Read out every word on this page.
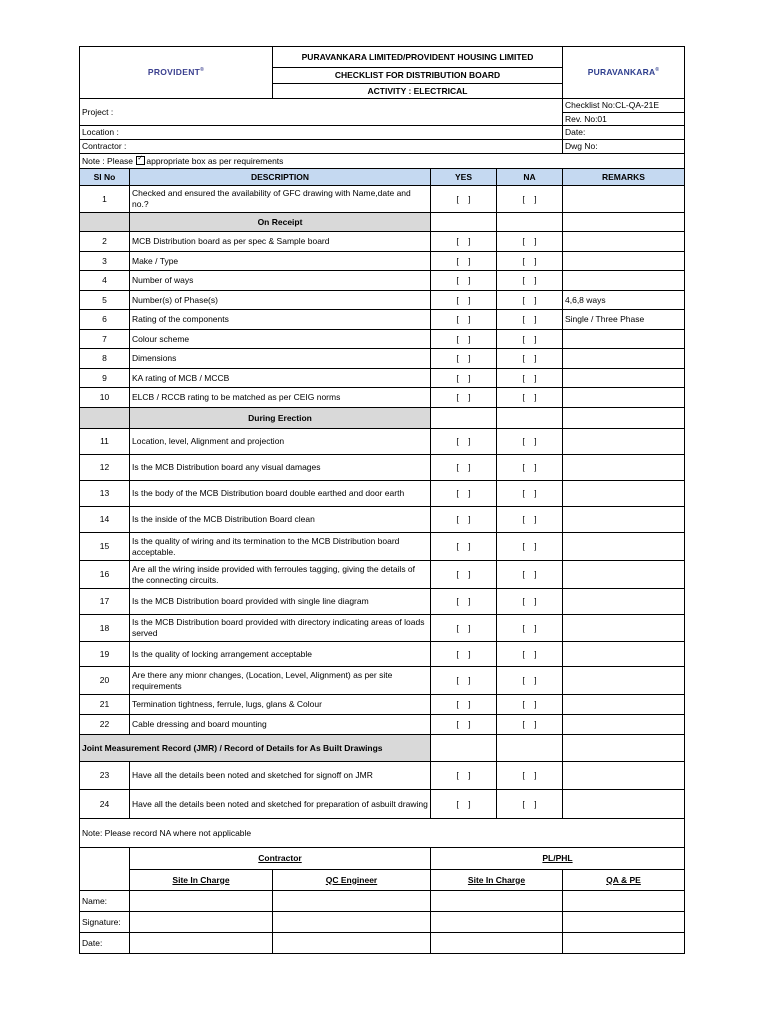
PROVIDENT®		PURAVANKARA LIMITED/PROVIDENT HOUSING LIMITED			PURAVANKARA®
		CHECKLIST FOR DISTRIBUTION BOARD			
		ACTIVITY : ELECTRICAL			
Project :					Checklist No:CL-QA-21E
					Rev. No:01
Location :					Date:
Contractor :					Dwg No:
Note : Please ✓appropriate box as per requirements
Sl No	DESCRIPTION		YES	NA	REMARKS
1	Checked and ensured the availability of GFC drawing with Name,date and no.?		[    ]	[    ]	
	On Receipt				
2	MCB Distribution board as per spec & Sample board		[    ]	[    ]	
3	Make / Type		[    ]	[    ]	
4	Number of ways		[    ]	[    ]	
5	Number(s) of Phase(s)		[    ]	[    ]	4,6,8 ways
6	Rating of the components		[    ]	[    ]	Single / Three Phase
7	Colour scheme		[    ]	[    ]	
8	Dimensions		[    ]	[    ]	
9	KA rating of MCB / MCCB		[    ]	[    ]	
10	ELCB / RCCB rating to be matched as per CEIG norms		[    ]	[    ]	
	During Erection				
11	Location, level, Alignment and projection		[    ]	[    ]	
12	Is the MCB Distribution board any visual damages		[    ]	[    ]	
13	Is the body of the MCB Distribution board double earthed and door earth		[    ]	[    ]	
14	Is the inside of the MCB Distribution Board clean		[    ]	[    ]	
15	Is the quality of wiring and its termination to the MCB Distribution board acceptable.		[    ]	[    ]	
16	Are all the wiring inside provided with ferroules tagging, giving the details of the connecting circuits.		[    ]	[    ]	
17	Is the MCB Distribution board provided with single line diagram		[    ]	[    ]	
18	Is the MCB Distribution board provided with directory indicating areas of loads served		[    ]	[    ]	
19	Is the quality of locking arrangement acceptable		[    ]	[    ]	
20	Are there any mionr changes, (Location, Level, Alignment) as per site requirements		[    ]	[    ]	
21	Termination tightness, ferrule, lugs, glans & Colour		[    ]	[    ]	
22	Cable dressing and board mounting		[    ]	[    ]	
Joint Measurement Record (JMR) / Record of Details for As Built Drawings					
23	Have all the details been noted and sketched for signoff on JMR		[    ]	[    ]	
24	Have all the details been noted and sketched for preparation of asbuilt drawing		[    ]	[    ]	
Note: Please record NA where not applicable					
	Contractor		PL/PHL		
	Site In Charge	QC Engineer	Site In Charge		QA & PE
Name:					
Signature:					
Date:					
